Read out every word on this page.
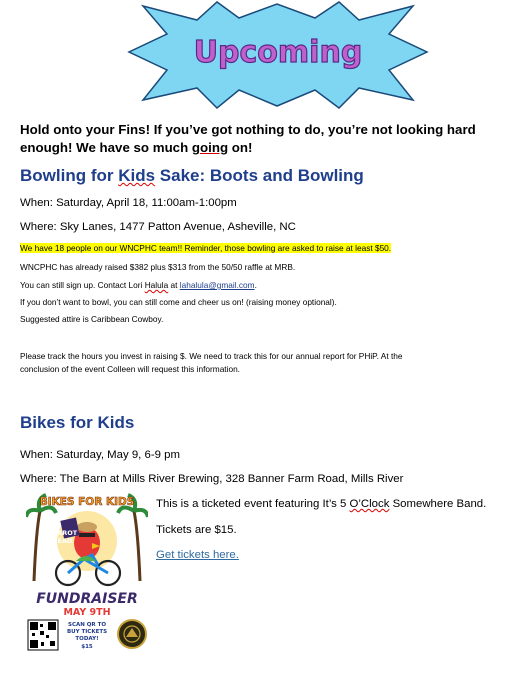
Upcoming
Hold onto your Fins! If you’ve got nothing to do, you’re not looking hard
enough! We have so much going on!
Bowling for Kids Sake: Boots and Bowling
When: Saturday, April 18, 11:00am-1:00pm
Where: Sky Lanes, 1477 Patton Avenue, Asheville, NC
We have 18 people on our WNCPHC team!! Reminder, those bowling are asked to raise at least $50.
WNCPHC has already raised $382 plus $313 from the 50/50 raffle at MRB.
You can still sign up. Contact Lori Halula at lahalula@gmail.com.
If you don’t want to bowl, you can still come and cheer us on! (raising money optional).
Suggested attire is Caribbean Cowboy.
Please track the hours you invest in raising $. We need to track this for our annual report for PHiP. At the
conclusion of the event Colleen will request this information.
Bikes for Kids
When: Saturday, May 9, 6-9 pm
Where: The Barn at Mills River Brewing, 328 Banner Farm Road, Mills River
This is a ticketed event featuring It’s 5 O’Clock Somewhere Band.
Tickets are $15.
Get tickets here.
BIKES FOR KIDS
PARROT
HEAD
FUNDRAISER
MAY 9TH
SCAN QR TO
BUY TICKETS
TODAY!
$15
